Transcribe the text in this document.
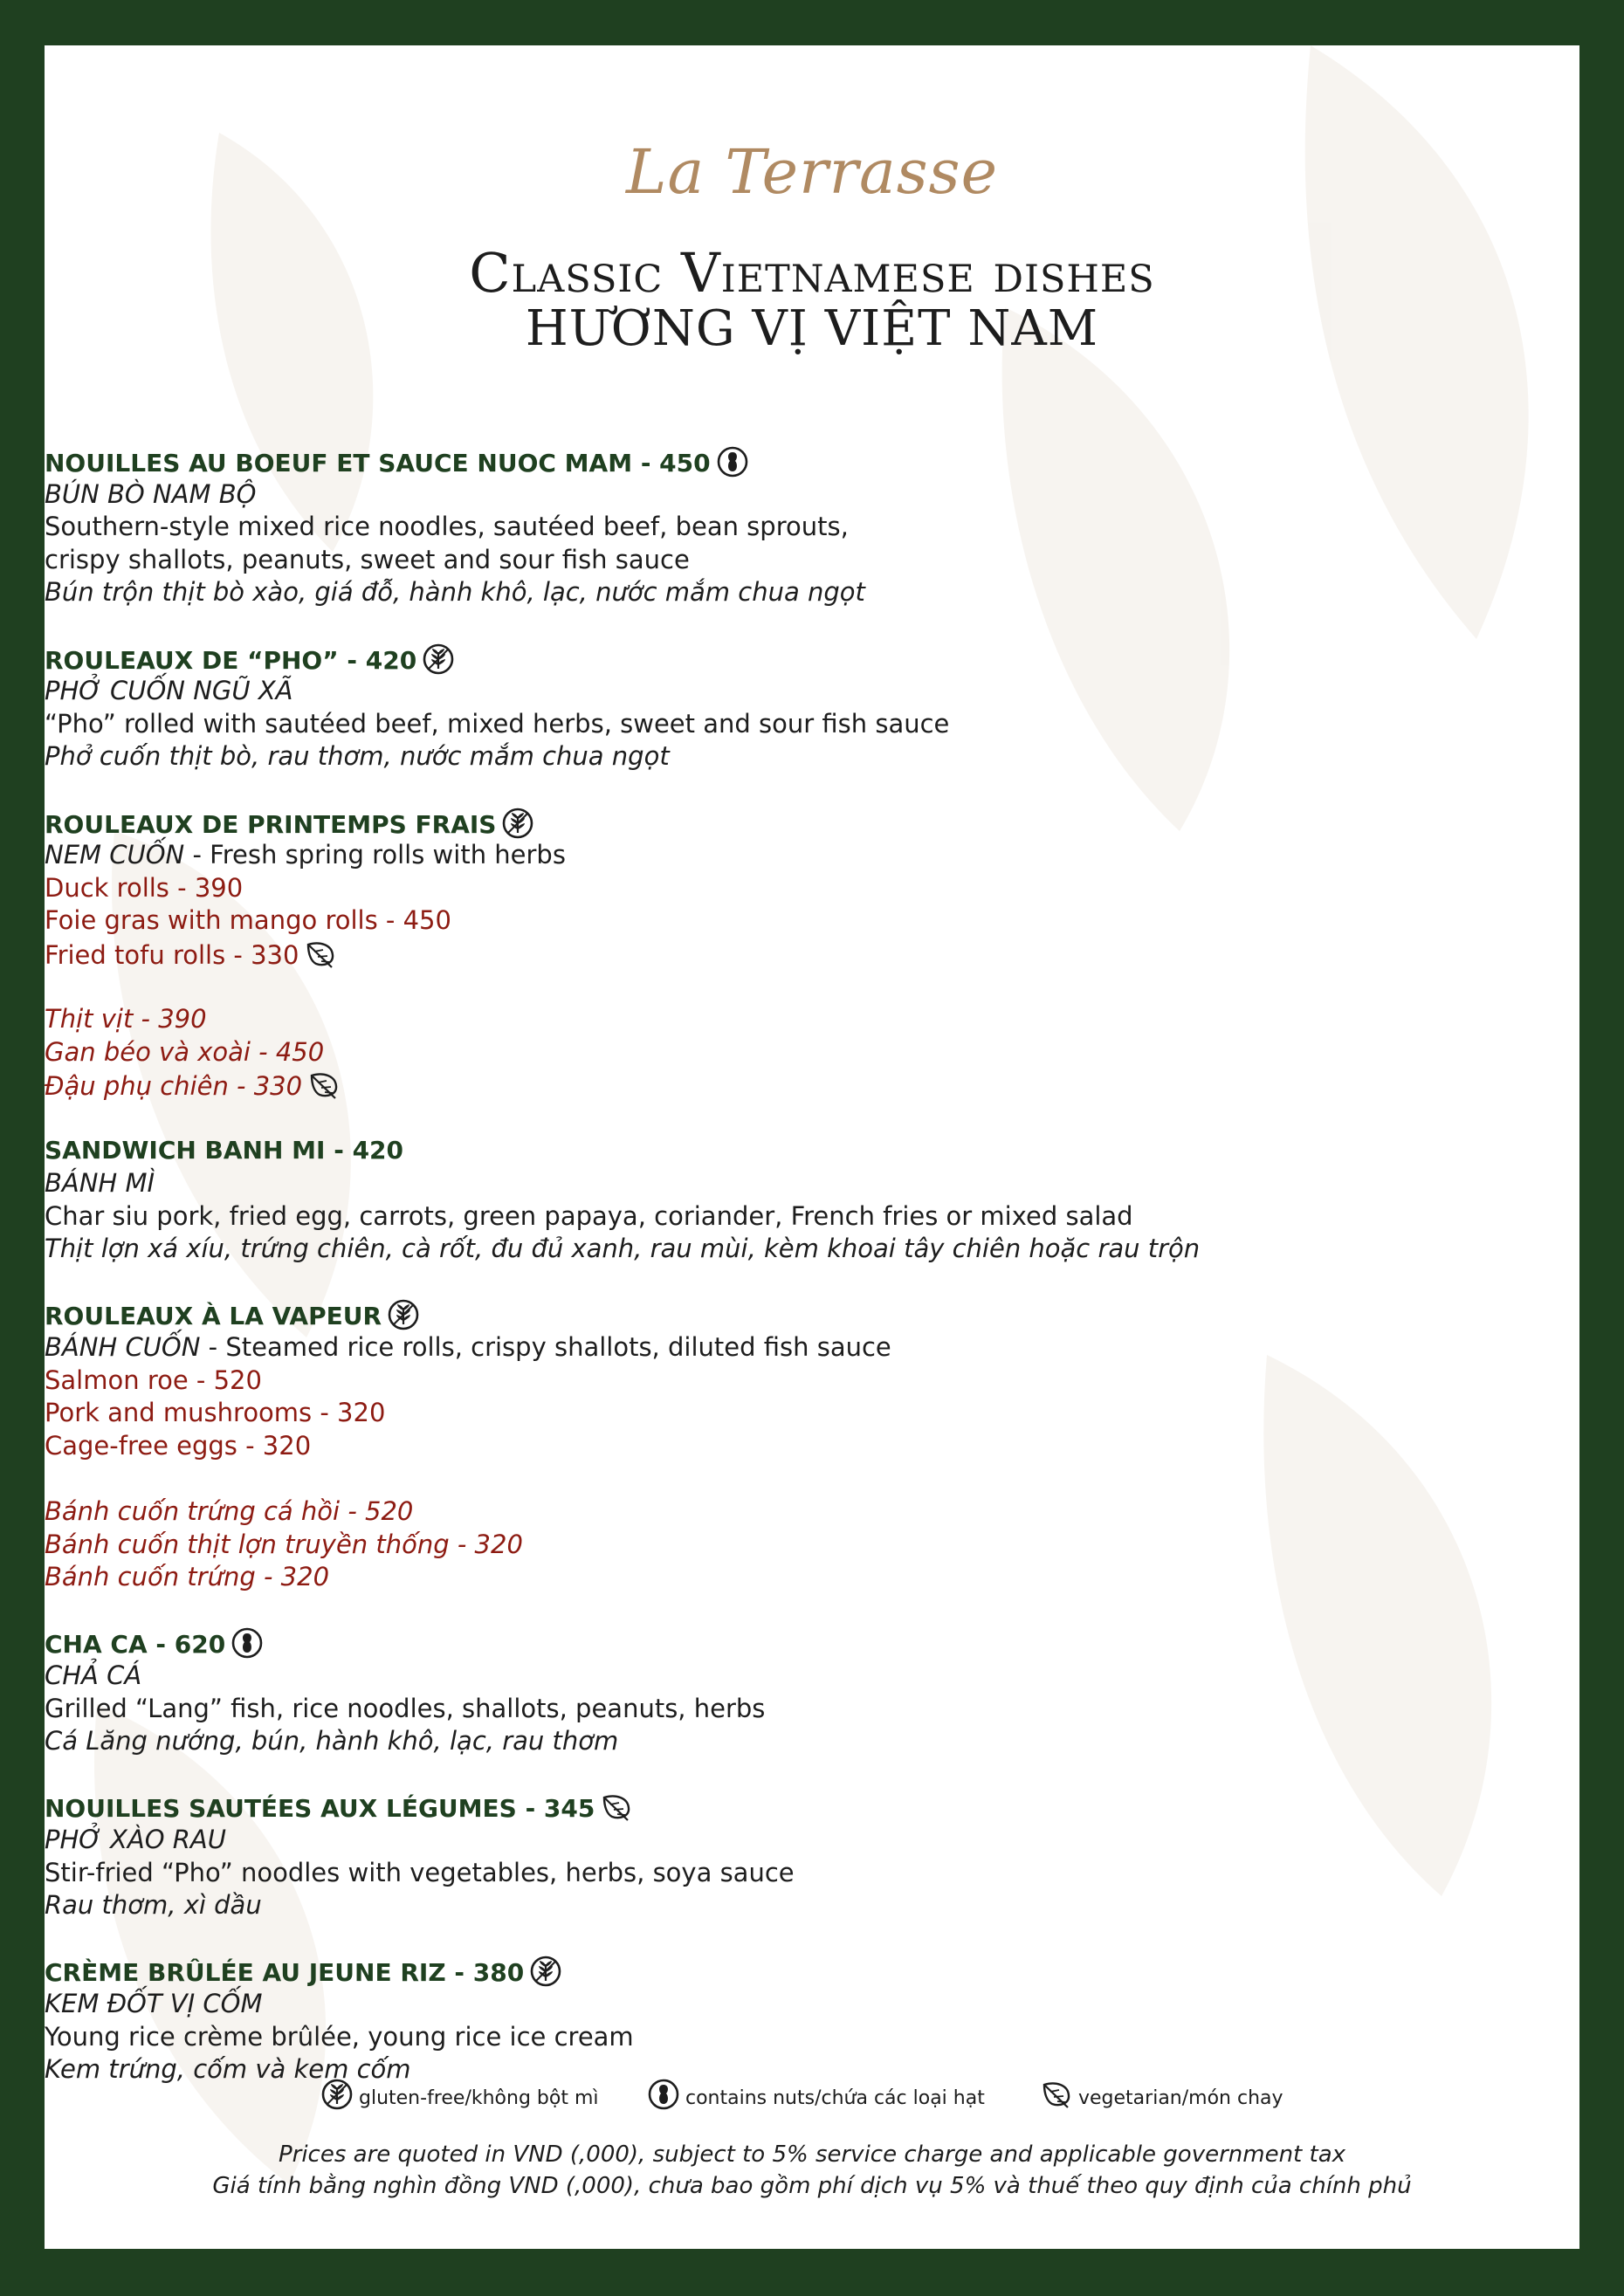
La Terrasse
Classic Vietnamese dishes
HƯƠNG VỊ VIỆT NAM
NOUILLES AU BOEUF ET SAUCE NUOC MAM - 450
BÚN BÒ NAM BỘ
Southern-style mixed rice noodles, sautéed beef, bean sprouts,
crispy shallots, peanuts, sweet and sour fish sauce
Bún trộn thịt bò xào, giá đỗ, hành khô, lạc, nước mắm chua ngọt
ROULEAUX DE “PHO” - 420
PHỞ CUỐN NGŨ XÃ
“Pho” rolled with sautéed beef, mixed herbs, sweet and sour fish sauce
Phở cuốn thịt bò, rau thơm, nước mắm chua ngọt
ROULEAUX DE PRINTEMPS FRAIS
NEM CUỐN - Fresh spring rolls with herbs
Duck rolls - 390
Foie gras with mango rolls - 450
Fried tofu rolls - 330
Thịt vịt - 390
Gan béo và xoài - 450
Đậu phụ chiên - 330
SANDWICH BANH MI - 420
BÁNH MÌ
Char siu pork, fried egg, carrots, green papaya, coriander, French fries or mixed salad
Thịt lợn xá xíu, trứng chiên, cà rốt, đu đủ xanh, rau mùi, kèm khoai tây chiên hoặc rau trộn
ROULEAUX À LA VAPEUR
BÁNH CUỐN - Steamed rice rolls, crispy shallots, diluted fish sauce
Salmon roe - 520
Pork and mushrooms - 320
Cage-free eggs - 320
Bánh cuốn trứng cá hồi - 520
Bánh cuốn thịt lợn truyền thống - 320
Bánh cuốn trứng - 320
CHA CA - 620
CHẢ CÁ
Grilled “Lang” fish, rice noodles, shallots, peanuts, herbs
Cá Lăng nướng, bún, hành khô, lạc, rau thơm
NOUILLES SAUTÉES AUX LÉGUMES - 345
PHỞ XÀO RAU
Stir-fried “Pho” noodles with vegetables, herbs, soya sauce
Rau thơm, xì dầu
CRÈME BRÛLÉE AU JEUNE RIZ - 380
KEM ĐỐT VỊ CỐM
Young rice crème brûlée, young rice ice cream
Kem trứng, cốm và kem cốm
gluten-free/không bột mì	contains nuts/chứa các loại hạt	vegetarian/món chay
Prices are quoted in VND (,000), subject to 5% service charge and applicable government tax
Giá tính bằng nghìn đồng VND (,000), chưa bao gồm phí dịch vụ 5% và thuế theo quy định của chính phủ
